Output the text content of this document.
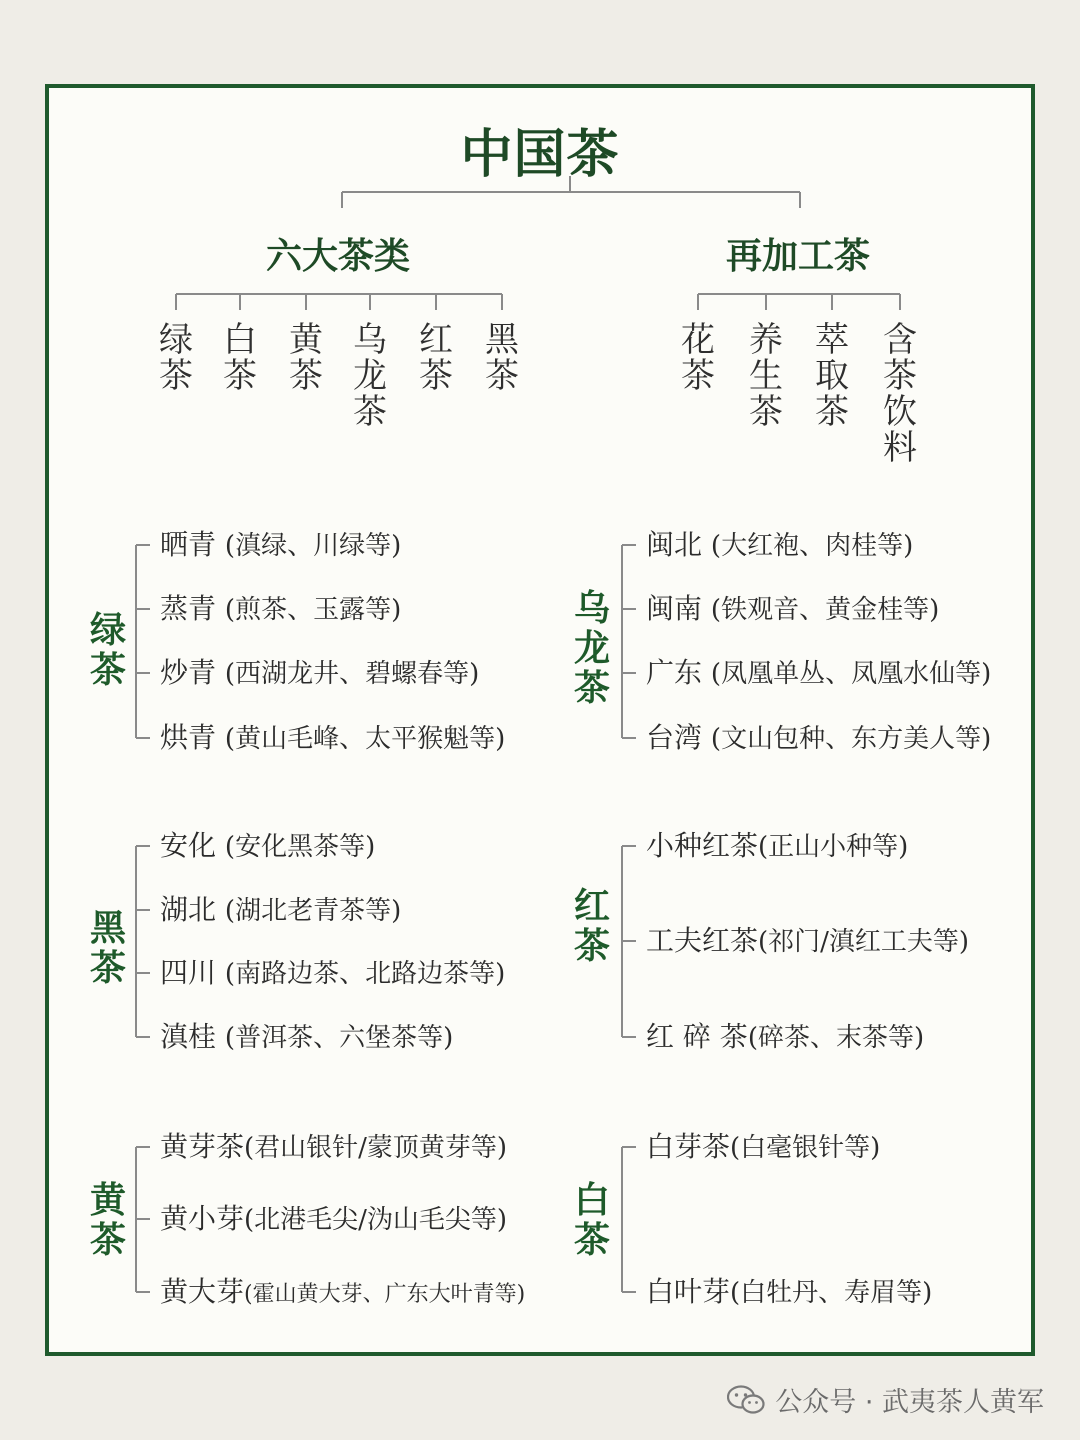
中国茶
六大茶类	再加工茶
绿茶
白茶
黄茶
乌龙茶
红茶
黑茶
花茶
养生茶
萃取茶
含茶饮料
绿茶
乌龙茶
黑茶
红茶
黄茶
白茶
晒青 (滇绿、川绿等)
蒸青 (煎茶、玉露等)
炒青 (西湖龙井、碧螺春等)
烘青 (黄山毛峰、太平猴魁等)
闽北 (大红袍、肉桂等)
闽南 (铁观音、黄金桂等)
广东 (凤凰单丛、凤凰水仙等)
台湾 (文山包种、东方美人等)
安化 (安化黑茶等)
湖北 (湖北老青茶等)
四川 (南路边茶、北路边茶等)
滇桂 (普洱茶、六堡茶等)
小种红茶(正山小种等)
工夫红茶(祁门/滇红工夫等)
红 碎 茶(碎茶、末茶等)
黄芽茶(君山银针/蒙顶黄芽等)
黄小芽(北港毛尖/沩山毛尖等)
黄大芽(霍山黄大芽、广东大叶青等)
白芽茶(白毫银针等)
白叶芽(白牡丹、寿眉等)
公众号 · 武夷茶人黄军
